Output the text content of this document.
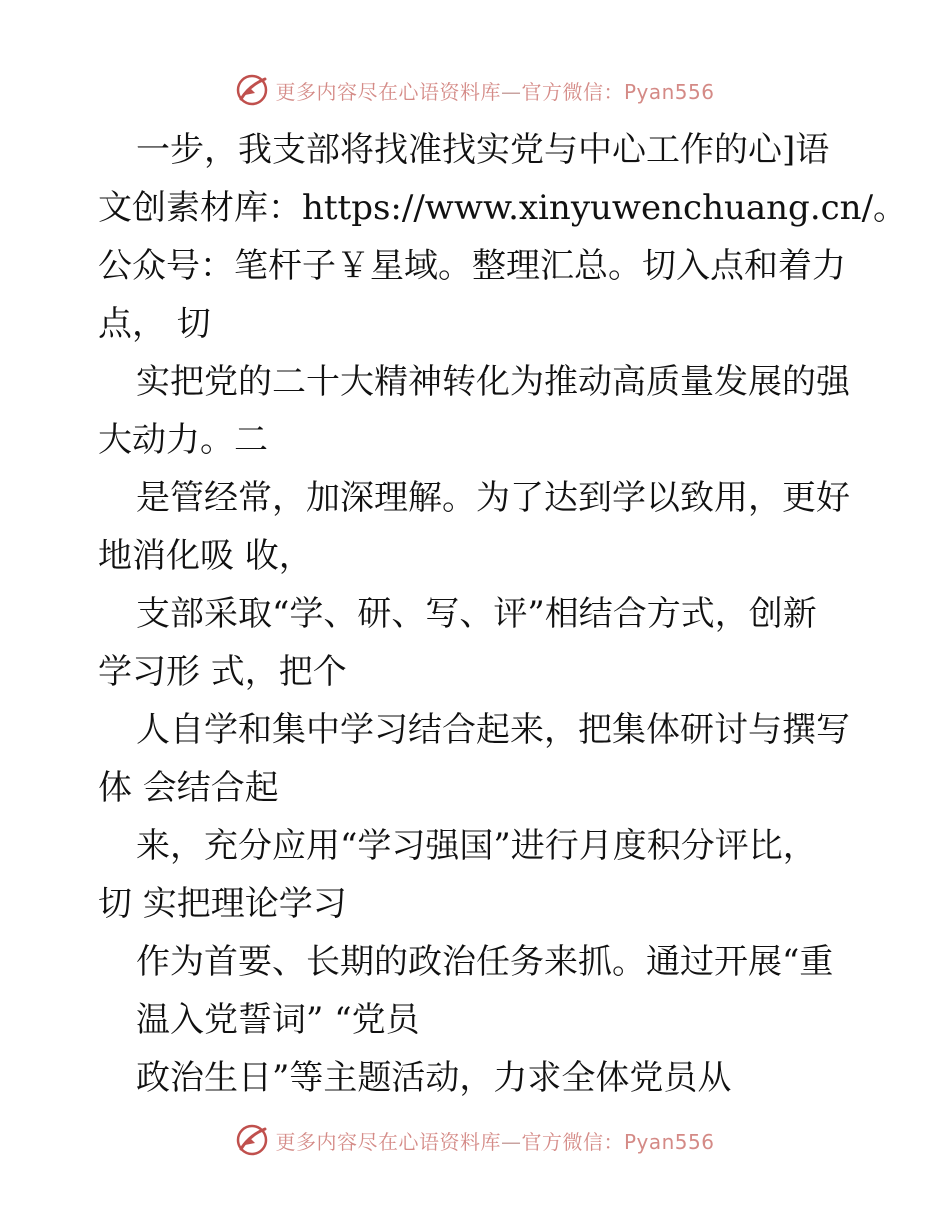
更多内容尽在心语资料库—官方微信：Pyan556
一步，我支部将找准找实党与中心工作的心]语
文创素材库：https://www.xinyuwenchuang.cn/。
公众号：笔杆子￥星域。整理汇总。切入点和着力
点， 切
实把党的二十大精神转化为推动高质量发展的强
大动力。二
是管经常，加深理解。为了达到学以致用，更好
地消化吸 收，
支部采取“学、研、写、评”相结合方式，创新
学习形 式，把个
人自学和集中学习结合起来，把集体研讨与撰写
体 会结合起
来，充分应用“学习强国”进行月度积分评比，
切 实把理论学习
作为首要、长期的政治任务来抓。通过开展“重
温入党誓词” “党员
政治生日”等主题活动，力求全体党员从
更多内容尽在心语资料库—官方微信：Pyan556
